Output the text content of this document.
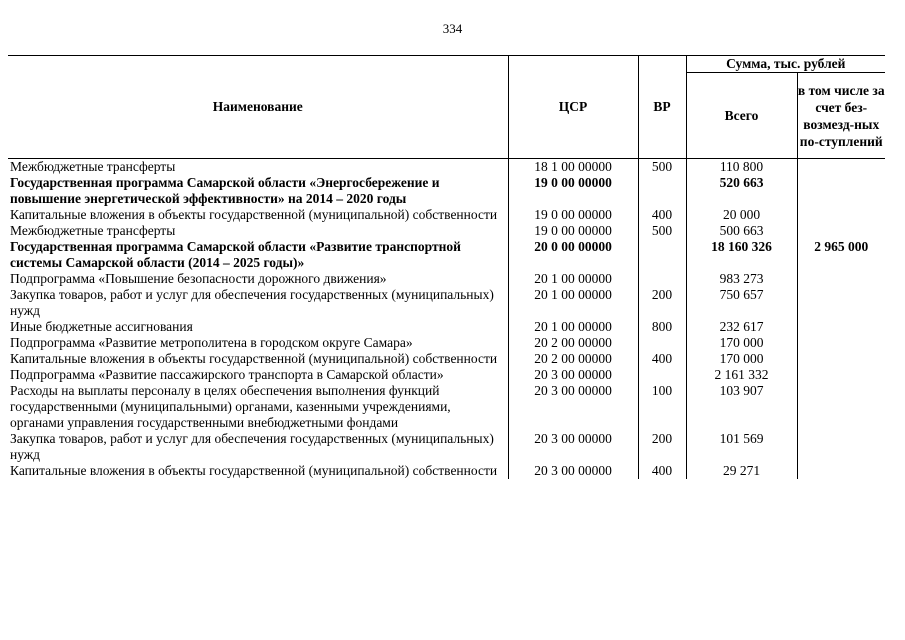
334
Наименование	ЦСР	ВР	Сумма, тыс. рублей	
			Всего	в том числе за счет без-возмезд-ных по-ступлений
Межбюджетные трансферты	18 1 00 00000	500	110 800	
Государственная программа Самарской области «Энергосбережение и повышение энергетической эффективности» на 2014 – 2020 годы	19 0 00 00000		520 663	
Капитальные вложения в объекты государственной (муниципальной) собственности	19 0 00 00000	400	20 000	
Межбюджетные трансферты	19 0 00 00000	500	500 663	
Государственная программа Самарской области «Развитие транспортной системы Самарской области (2014 – 2025 годы)»	20 0 00 00000		18 160 326	2 965 000
Подпрограмма «Повышение безопасности дорожного движения»	20 1 00 00000		983 273	
Закупка товаров, работ и услуг для обеспечения государственных (муниципальных) нужд	20 1 00 00000	200	750 657	
Иные бюджетные ассигнования	20 1 00 00000	800	232 617	
Подпрограмма «Развитие метрополитена в городском округе Самара»	20 2 00 00000		170 000	
Капитальные вложения в объекты государственной (муниципальной) собственности	20 2 00 00000	400	170 000	
Подпрограмма «Развитие пассажирского транспорта в Самарской области»	20 3 00 00000		2 161 332	
Расходы на выплаты персоналу в целях обеспечения выполнения функций государственными (муниципальными) органами, казенными учреждениями, органами управления государственными внебюджетными фондами	20 3 00 00000	100	103 907	
Закупка товаров, работ и услуг для обеспечения государственных (муниципальных) нужд	20 3 00 00000	200	101 569	
Капитальные вложения в объекты государственной (муниципальной) собственности	20 3 00 00000	400	29 271	
